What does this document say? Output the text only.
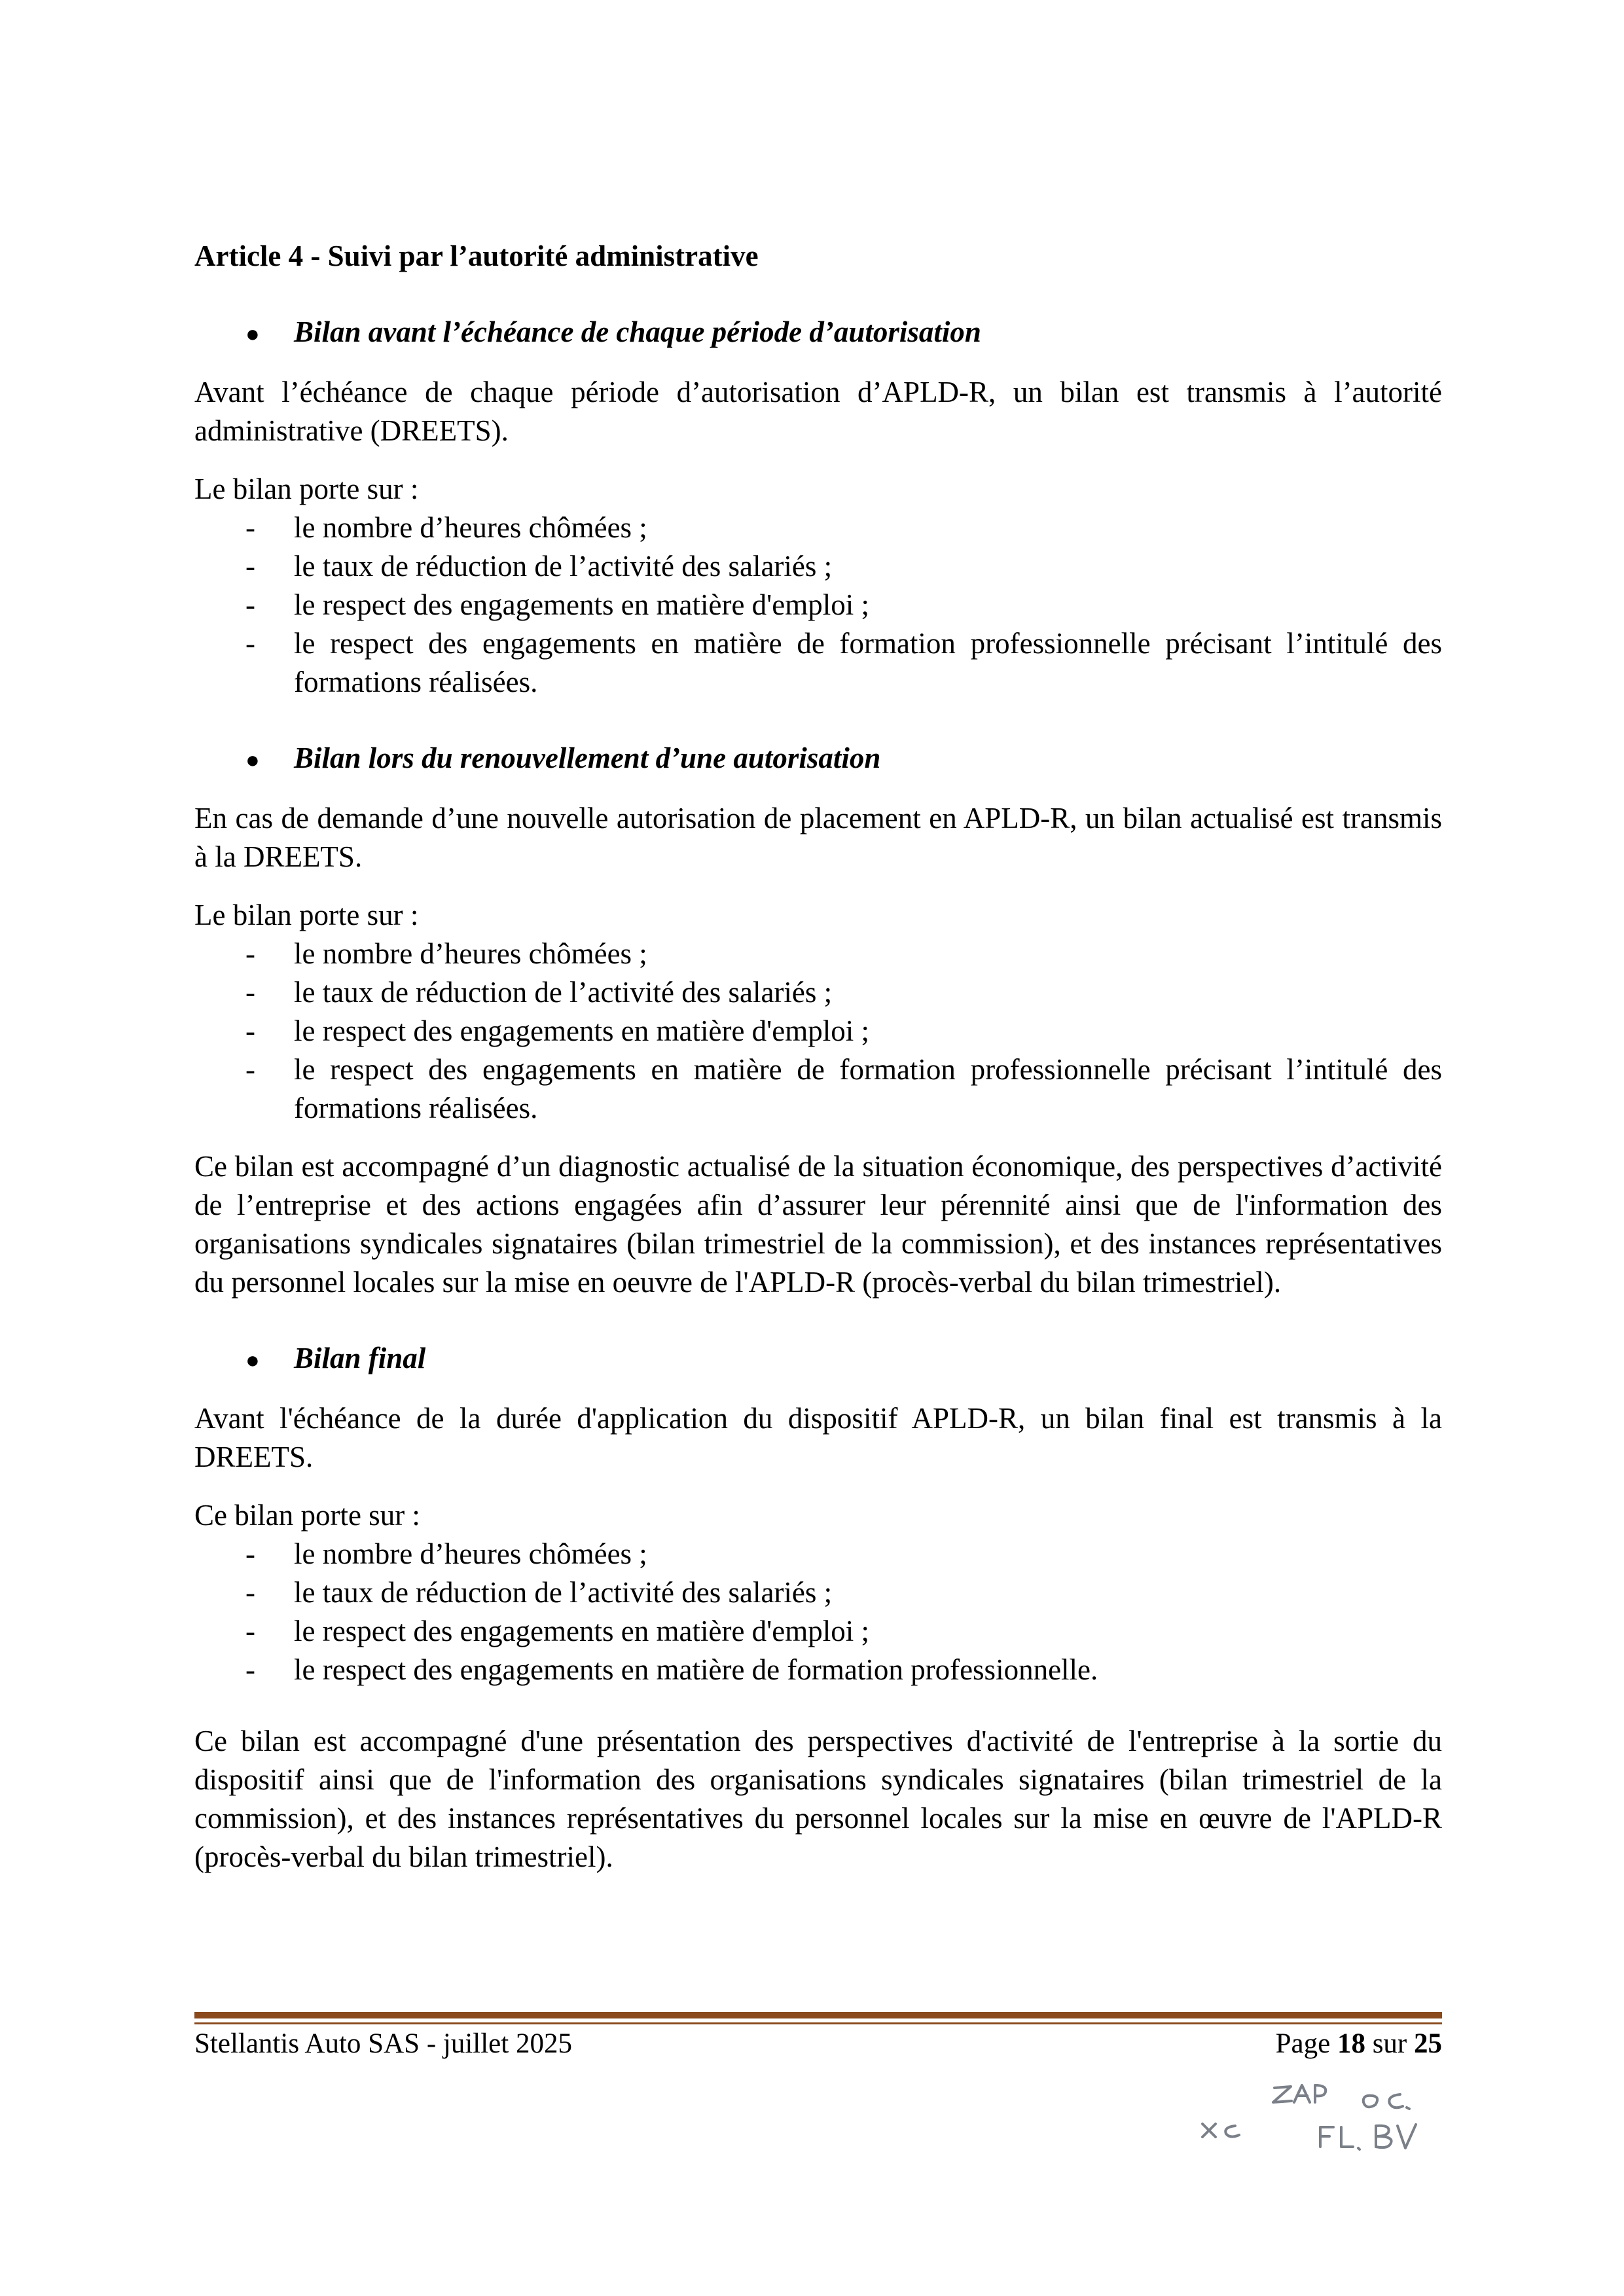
Article 4 - Suivi par l’autorité administrative

●	Bilan avant l’échéance de chaque période d’autorisation

Avant l’échéance de chaque période d’autorisation d’APLD-R, un bilan est transmis à l’autorité administrative (DREETS).

Le bilan porte sur :

-	le nombre d’heures chômées ;
-	le taux de réduction de l’activité des salariés ;
-	le respect des engagements en matière d'emploi ;
-	le respect des engagements en matière de formation professionnelle précisant l’intitulé des formations réalisées.
●	Bilan lors du renouvellement d’une autorisation

En cas de demande d’une nouvelle autorisation de placement en APLD-R, un bilan actualisé est transmis à la DREETS.

Le bilan porte sur :

-	le nombre d’heures chômées ;
-	le taux de réduction de l’activité des salariés ;
-	le respect des engagements en matière d'emploi ;
-	le respect des engagements en matière de formation professionnelle précisant l’intitulé des formations réalisées.

Ce bilan est accompagné d’un diagnostic actualisé de la situation économique, des perspectives d’activité de l’entreprise et des actions engagées afin d’assurer leur pérennité ainsi que de l'information des organisations syndicales signataires (bilan trimestriel de la commission), et des instances représentatives du personnel locales sur la mise en oeuvre de l'APLD-R (procès-verbal du bilan trimestriel).

●	Bilan final

Avant l'échéance de la durée d'application du dispositif APLD-R, un bilan final est transmis à la DREETS.

Ce bilan porte sur :

-	le nombre d’heures chômées ;
-	le taux de réduction de l’activité des salariés ;
-	le respect des engagements en matière d'emploi ;
-	le respect des engagements en matière de formation professionnelle.

Ce bilan est accompagné d'une présentation des perspectives d'activité de l'entreprise à la sortie du dispositif ainsi que de l'information des organisations syndicales signataires (bilan trimestriel de la commission), et des instances représentatives du personnel locales sur la mise en œuvre de l'APLD-R (procès-verbal du bilan trimestriel).

Stellantis Auto SAS - juillet 2025	Page 18 sur 25
